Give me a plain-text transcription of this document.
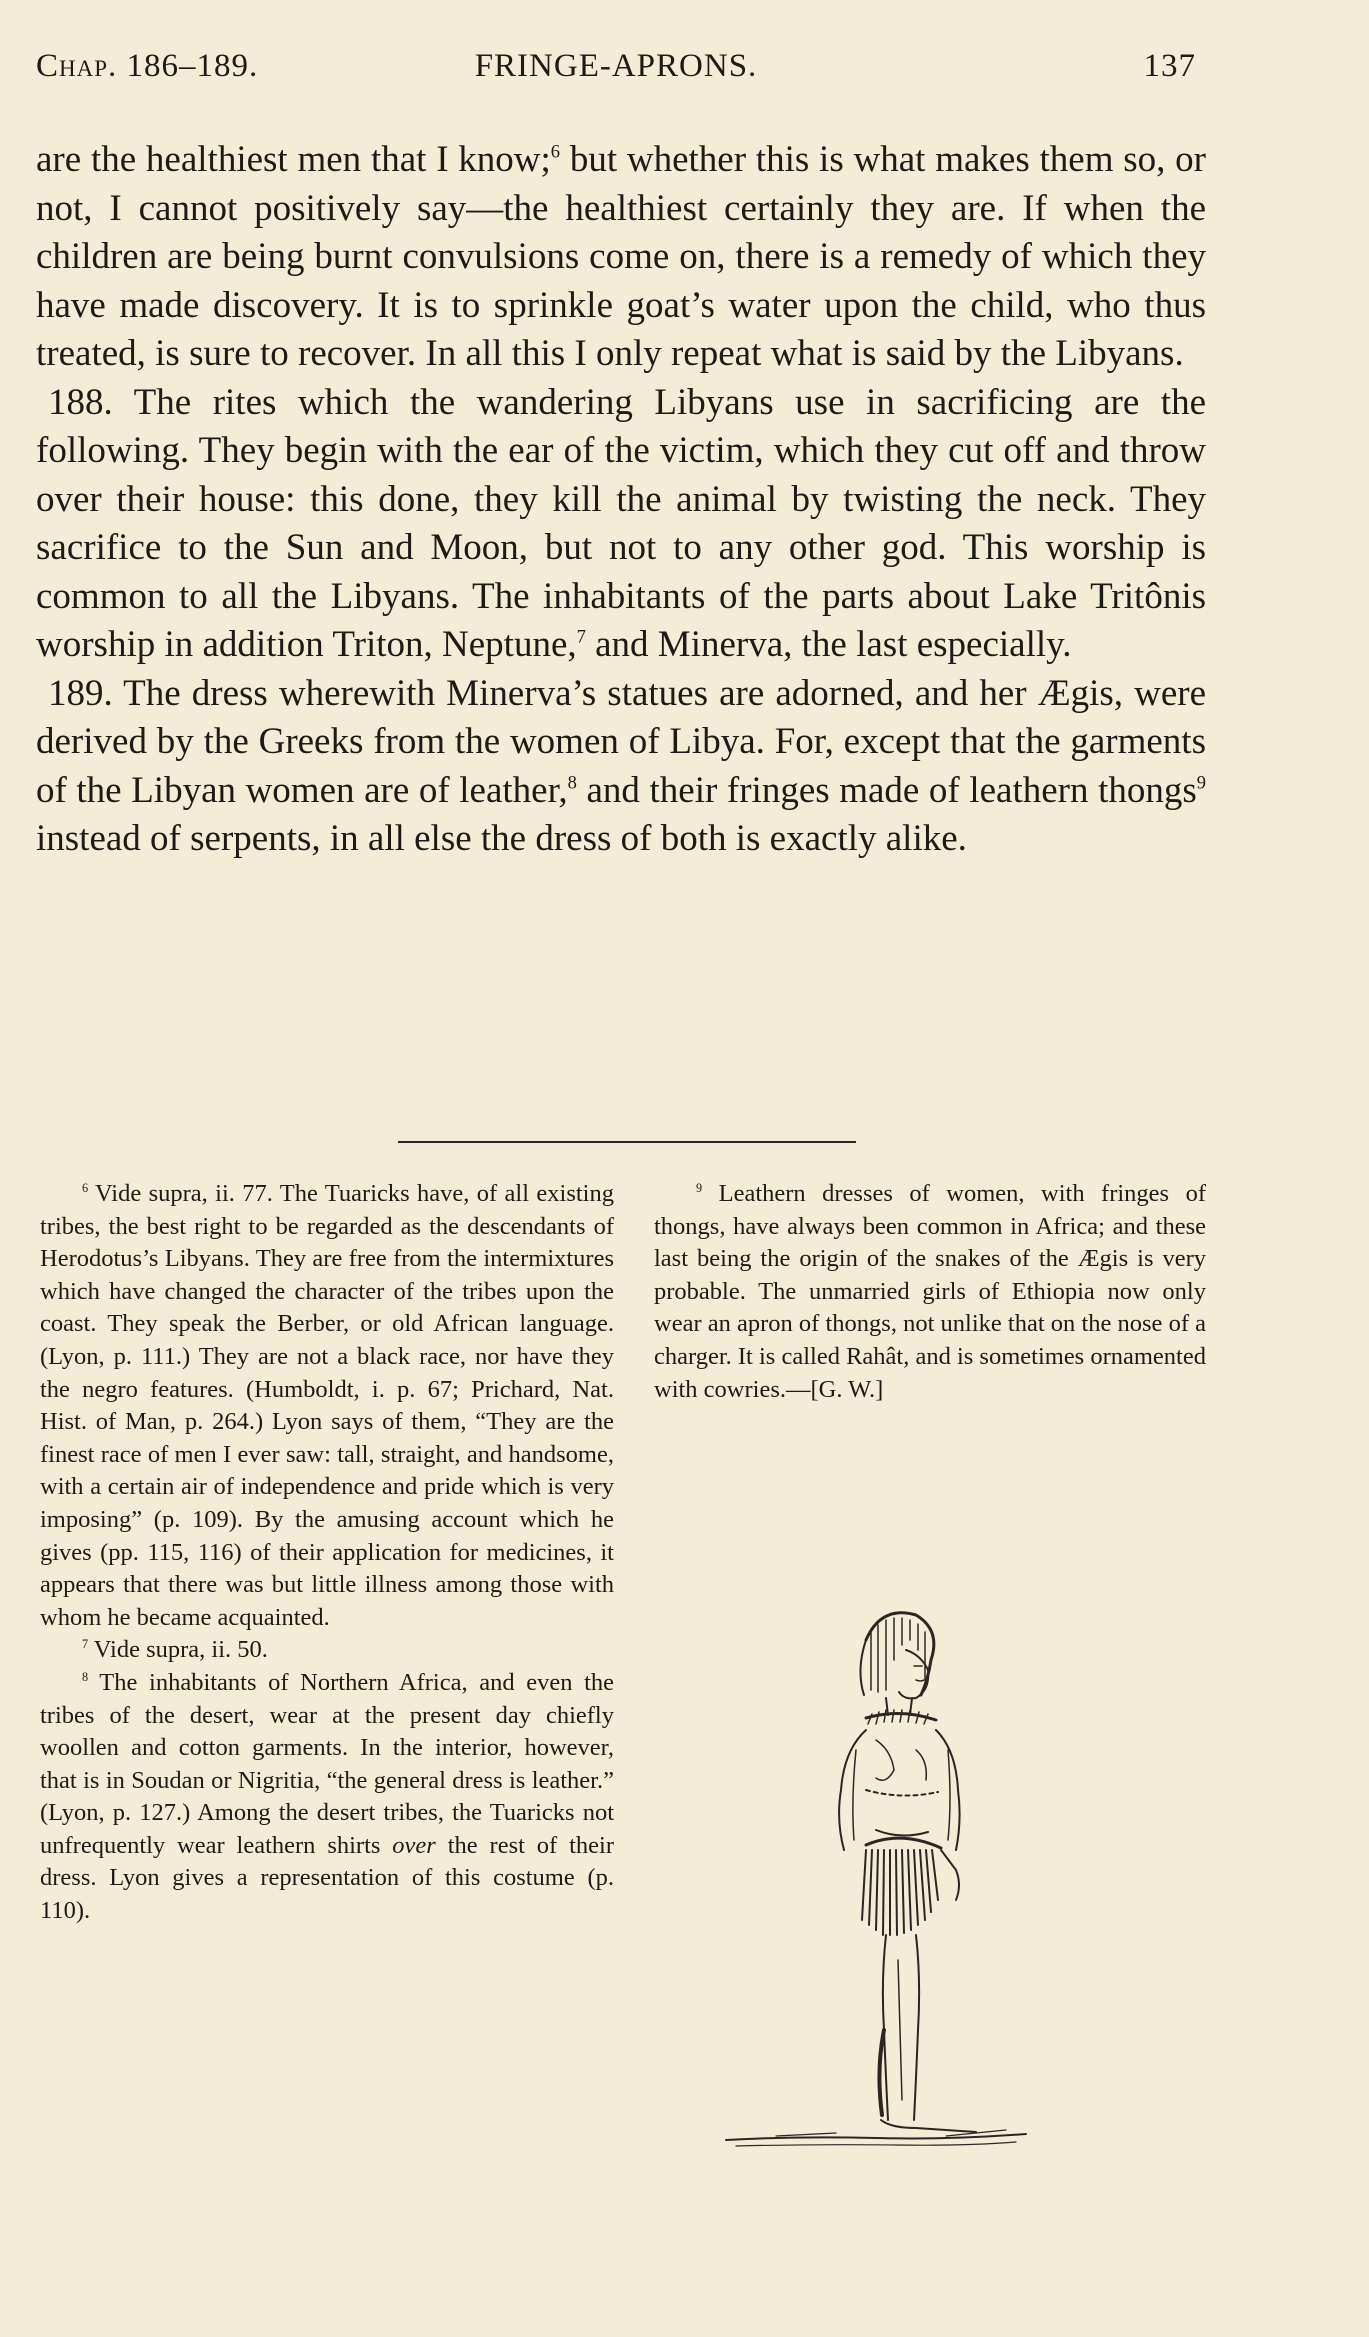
Chap. 186–189.	FRINGE-APRONS.	137

are the healthiest men that I know;$^6$ but whether this is what makes them so, or not, I cannot positively say—the healthiest certainly they are. If when the children are being burnt convulsions come on, there is a remedy of which they have made discovery. It is to sprinkle goat’s water upon the child, who thus treated, is sure to recover. In all this I only repeat what is said by the Libyans.

188. The rites which the wandering Libyans use in sacrificing are the following. They begin with the ear of the victim, which they cut off and throw over their house: this done, they kill the animal by twisting the neck. They sacrifice to the Sun and Moon, but not to any other god. This worship is common to all the Libyans. The inhabitants of the parts about Lake Tritônis worship in addition Triton, Neptune,$^7$ and Minerva, the last especially.

189. The dress wherewith Minerva’s statues are adorned, and her Ægis, were derived by the Greeks from the women of Libya. For, except that the garments of the Libyan women are of leather,$^8$ and their fringes made of leathern thongs$^9$ instead of serpents, in all else the dress of both is exactly alike.

$^6$ Vide supra, ii. 77. The Tuaricks have, of all existing tribes, the best right to be regarded as the descendants of Herodotus’s Libyans. They are free from the intermixtures which have changed the character of the tribes upon the coast. They speak the Berber, or old African language. (Lyon, p. 111.) They are not a black race, nor have they the negro features. (Humboldt, i. p. 67; Prichard, Nat. Hist. of Man, p. 264.) Lyon says of them, “They are the finest race of men I ever saw: tall, straight, and handsome, with a certain air of independence and pride which is very imposing” (p. 109). By the amusing account which he gives (pp. 115, 116) of their application for medicines, it appears that there was but little illness among those with whom he became acquainted.

$^7$ Vide supra, ii. 50.

$^8$ The inhabitants of Northern Africa, and even the tribes of the desert, wear at the present day chiefly woollen and cotton garments. In the interior, however, that is in Soudan or Nigritia, “the general dress is leather.” (Lyon, p. 127.) Among the desert tribes, the Tuaricks not unfrequently wear leathern shirts over the rest of their dress. Lyon gives a representation of this costume (p. 110).

$^9$ Leathern dresses of women, with fringes of thongs, have always been common in Africa; and these last being the origin of the snakes of the Ægis is very probable. The unmarried girls of Ethiopia now only wear an apron of thongs, not unlike that on the nose of a charger. It is called Rahât, and is sometimes ornamented with cowries.—[G. W.]
